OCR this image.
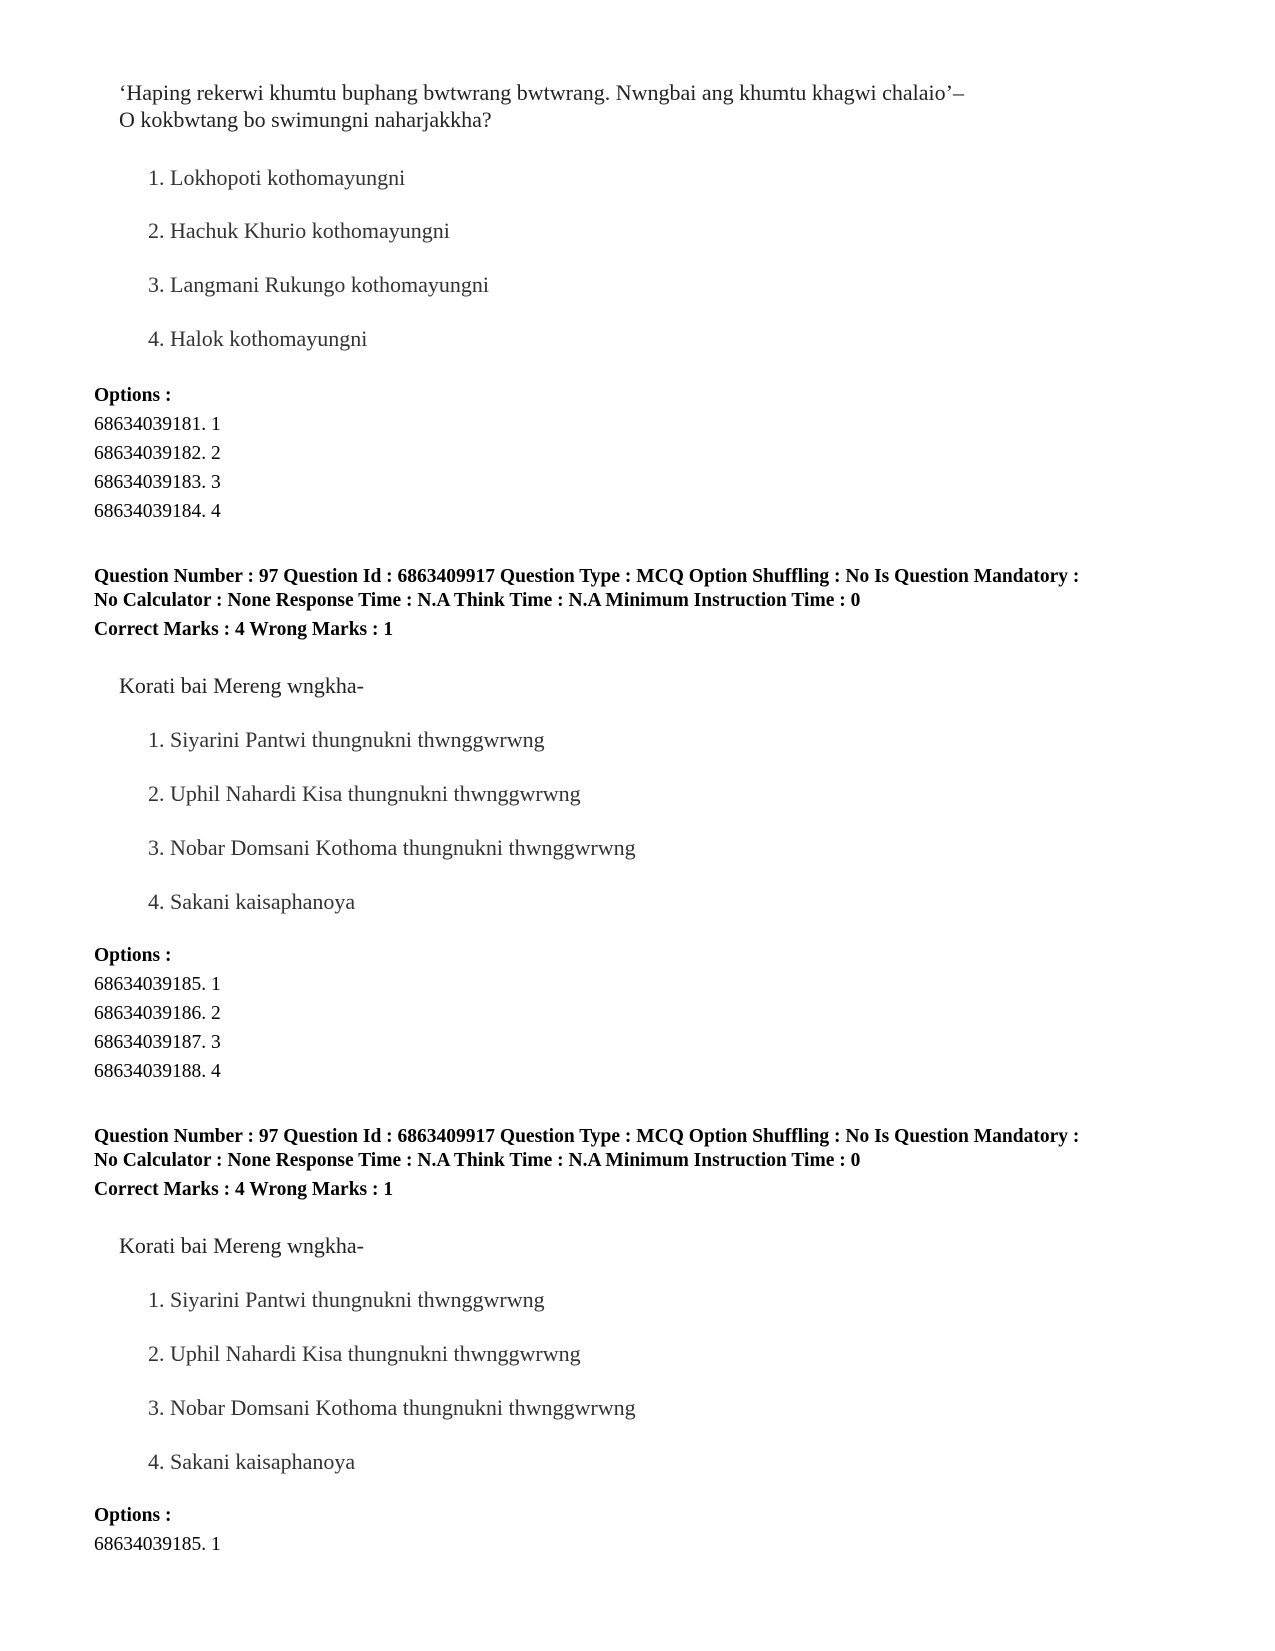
‘Haping rekerwi khumtu buphang bwtwrang bwtwrang. Nwngbai ang khumtu khagwi chalaio’–
O kokbwtang bo swimungni naharjakkha?
1. Lokhopoti kothomayungni
2. Hachuk Khurio kothomayungni
3. Langmani Rukungo kothomayungni
4. Halok kothomayungni
Options :
68634039181. 1
68634039182. 2
68634039183. 3
68634039184. 4
Question Number : 97 Question Id : 6863409917 Question Type : MCQ Option Shuffling : No Is Question Mandatory :
No Calculator : None Response Time : N.A Think Time : N.A Minimum Instruction Time : 0
Correct Marks : 4 Wrong Marks : 1
Korati bai Mereng wngkha-
1. Siyarini Pantwi thungnukni thwnggwrwng
2. Uphil Nahardi Kisa thungnukni thwnggwrwng
3. Nobar Domsani Kothoma thungnukni thwnggwrwng
4. Sakani kaisaphanoya
Options :
68634039185. 1
68634039186. 2
68634039187. 3
68634039188. 4
Question Number : 97 Question Id : 6863409917 Question Type : MCQ Option Shuffling : No Is Question Mandatory :
No Calculator : None Response Time : N.A Think Time : N.A Minimum Instruction Time : 0
Correct Marks : 4 Wrong Marks : 1
Korati bai Mereng wngkha-
1. Siyarini Pantwi thungnukni thwnggwrwng
2. Uphil Nahardi Kisa thungnukni thwnggwrwng
3. Nobar Domsani Kothoma thungnukni thwnggwrwng
4. Sakani kaisaphanoya
Options :
68634039185. 1
